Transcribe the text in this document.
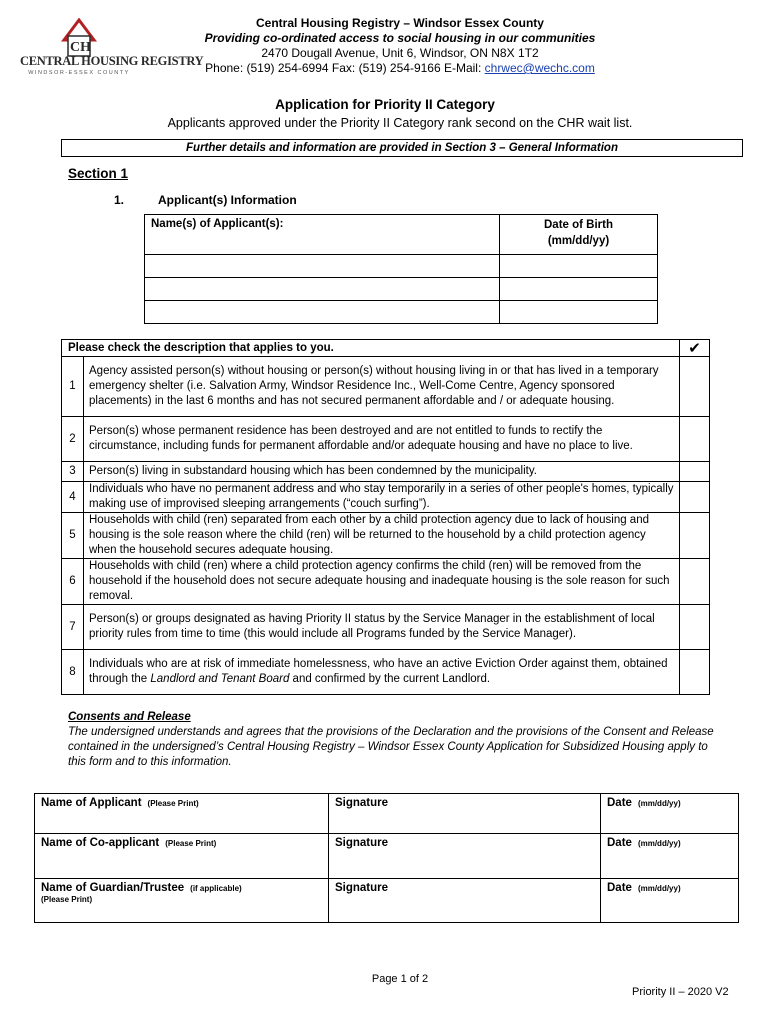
CH
CENTRAL HOUSING REGISTRY
WINDSOR-ESSEX COUNTY
Central Housing Registry – Windsor Essex County
Providing co-ordinated access to social housing in our communities
2470 Dougall Avenue, Unit 6, Windsor, ON N8X 1T2
Phone: (519) 254-6994 Fax: (519) 254-9166 E-Mail: chrwec@wechc.com
Application for Priority II Category
Applicants approved under the Priority II Category rank second on the CHR wait list.
Further details and information are provided in Section 3 – General Information
Section 1
1.	Applicant(s) Information
Name(s) of Applicant(s):	Date of Birth
(mm/dd/yy)

Please check the description that applies to you.		✔
1	Agency assisted person(s) without housing or person(s) without housing living in or that has lived in a temporary emergency shelter (i.e. Salvation Army, Windsor Residence Inc., Well-Come Centre, Agency sponsored placements) in the last 6 months and has not secured permanent affordable and / or adequate housing.	
2	Person(s) whose permanent residence has been destroyed and are not entitled to funds to rectify the circumstance, including funds for permanent affordable and/or adequate housing and have no place to live.	
3	Person(s) living in substandard housing which has been condemned by the municipality.	
4	Individuals who have no permanent address and who stay temporarily in a series of other people's homes, typically making use of improvised sleeping arrangements (“couch surfing”).	
5	Households with child (ren) separated from each other by a child protection agency due to lack of housing and housing is the sole reason where the child (ren) will be returned to the household by a child protection agency when the household secures adequate housing.	
6	Households with child (ren) where a child protection agency confirms the child (ren) will be removed from the household if the household does not secure adequate housing and inadequate housing is the sole reason for such removal.	
7	Person(s) or groups designated as having Priority II status by the Service Manager in the establishment of local priority rules from time to time (this would include all Programs funded by the Service Manager).	
8	Individuals who are at risk of immediate homelessness, who have an active Eviction Order against them, obtained through the Landlord and Tenant Board and confirmed by the current Landlord.	
Consents and Release
The undersigned understands and agrees that the provisions of the Declaration and the provisions of the Consent and Release contained in the undersigned’s Central Housing Registry – Windsor Essex County Application for Subsidized Housing apply to this form and to this information.
Name of Applicant (Please Print)	Signature	Date (mm/dd/yy)
Name of Co-applicant (Please Print)	Signature	Date (mm/dd/yy)
Name of Guardian/Trustee (if applicable)
(Please Print)	Signature	Date (mm/dd/yy)
Page 1 of 2
Priority II – 2020 V2
